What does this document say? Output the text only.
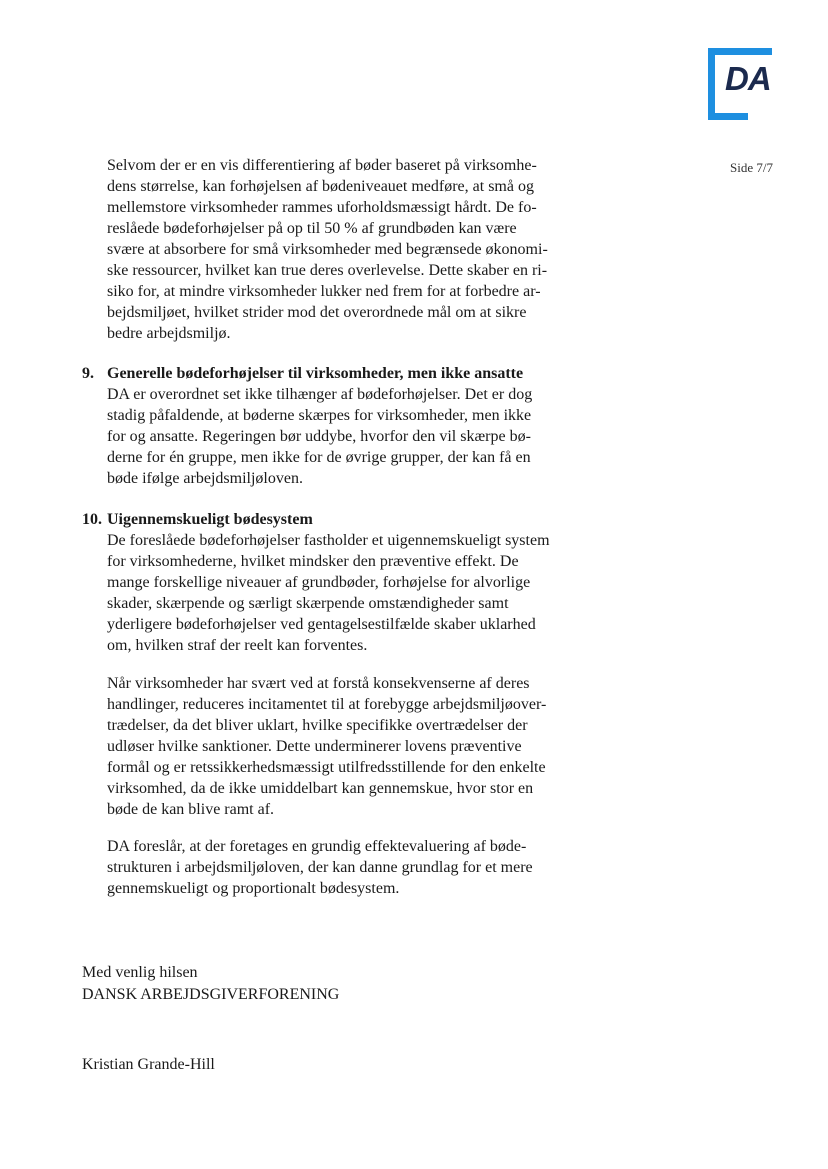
DA
Side 7/7

Selvom der er en vis differentiering af bøder baseret på virksomhe-
dens størrelse, kan forhøjelsen af bødeniveauet medføre, at små og
mellemstore virksomheder rammes uforholdsmæssigt hårdt. De fo-
reslåede bødeforhøjelser på op til 50 % af grundbøden kan være
svære at absorbere for små virksomheder med begrænsede økonomi-
ske ressourcer, hvilket kan true deres overlevelse. Dette skaber en ri-
siko for, at mindre virksomheder lukker ned frem for at forbedre ar-
bejdsmiljøet, hvilket strider mod det overordnede mål om at sikre
bedre arbejdsmiljø.

9. Generelle bødeforhøjelser til virksomheder, men ikke ansatte

DA er overordnet set ikke tilhænger af bødeforhøjelser. Det er dog
stadig påfaldende, at bøderne skærpes for virksomheder, men ikke
for og ansatte. Regeringen bør uddybe, hvorfor den vil skærpe bø-
derne for én gruppe, men ikke for de øvrige grupper, der kan få en
bøde ifølge arbejdsmiljøloven.

10. Uigennemskueligt bødesystem

De foreslåede bødeforhøjelser fastholder et uigennemskueligt system
for virksomhederne, hvilket mindsker den præventive effekt. De
mange forskellige niveauer af grundbøder, forhøjelse for alvorlige
skader, skærpende og særligt skærpende omstændigheder samt
yderligere bødeforhøjelser ved gentagelsestilfælde skaber uklarhed
om, hvilken straf der reelt kan forventes.

Når virksomheder har svært ved at forstå konsekvenserne af deres
handlinger, reduceres incitamentet til at forebygge arbejdsmiljøover-
trædelser, da det bliver uklart, hvilke specifikke overtrædelser der
udløser hvilke sanktioner. Dette underminerer lovens præventive
formål og er retssikkerhedsmæssigt utilfredsstillende for den enkelte
virksomhed, da de ikke umiddelbart kan gennemskue, hvor stor en
bøde de kan blive ramt af.

DA foreslår, at der foretages en grundig effektevaluering af bøde-
strukturen i arbejdsmiljøloven, der kan danne grundlag for et mere
gennemskueligt og proportionalt bødesystem.

Med venlig hilsen

DANSK ARBEJDSGIVERFORENING

Kristian Grande-Hill
